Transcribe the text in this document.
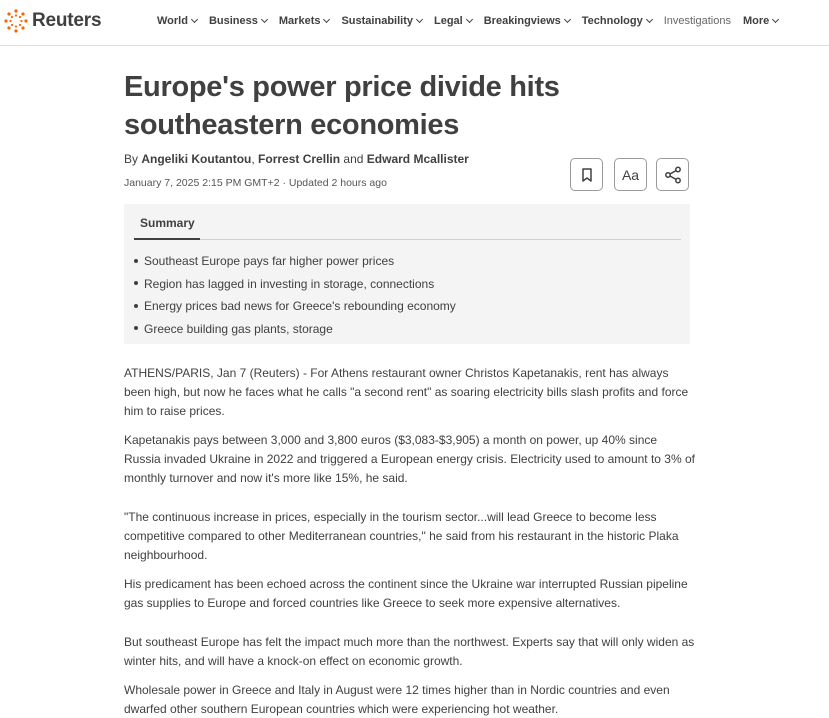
Reuters	World Business Markets Sustainability Legal Breakingviews Technology Investigations More
Europe's power price divide hits southeastern economies
By Angeliki Koutantou, Forrest Crellin and Edward Mcallister
January 7, 2025 2:15 PM GMT+2 · Updated 2 hours ago
Aa
Summary
Southeast Europe pays far higher power prices
Region has lagged in investing in storage, connections
Energy prices bad news for Greece's rebounding economy
Greece building gas plants, storage

ATHENS/PARIS, Jan 7 (Reuters) - For Athens restaurant owner Christos Kapetanakis, rent has always been high, but now he faces what he calls "a second rent" as soaring electricity bills slash profits and force him to raise prices.

Kapetanakis pays between 3,000 and 3,800 euros ($3,083-$3,905) a month on power, up 40% since Russia invaded Ukraine in 2022 and triggered a European energy crisis. Electricity used to amount to 3% of monthly turnover and now it's more like 15%, he said.

"The continuous increase in prices, especially in the tourism sector...will lead Greece to become less competitive compared to other Mediterranean countries," he said from his restaurant in the historic Plaka neighbourhood.

His predicament has been echoed across the continent since the Ukraine war interrupted Russian pipeline gas supplies to Europe and forced countries like Greece to seek more expensive alternatives.

But southeast Europe has felt the impact much more than the northwest. Experts say that will only widen as winter hits, and will have a knock-on effect on economic growth.

Wholesale power in Greece and Italy in August were 12 times higher than in Nordic countries and even dwarfed other southern European countries which were experiencing hot weather.
